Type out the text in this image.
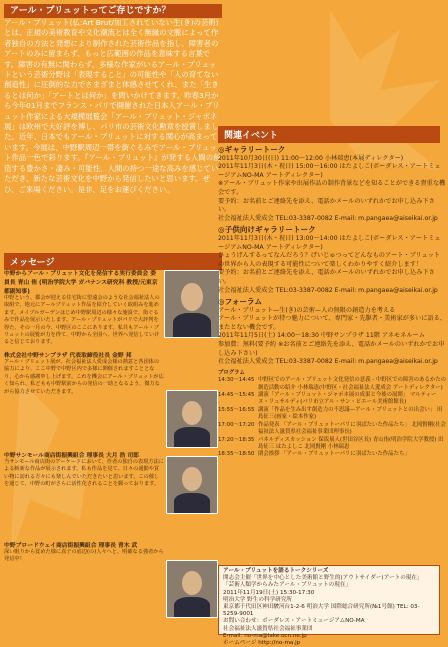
アール・ブリュットってご存じですか？

アール・ブリュット(仏:Art Brut/加工されていない生(き)の芸術)とは、正規の美術教育や文化潮流とは全く無縁の文脈によって作者独自の方法と発想により制作された芸術作品を指し、障害者のアートのみに留まらず、もっと広範囲の作品を意味する言葉です。障害の有無に関わらず、多様な作家がいるアール・ブリュットという芸術分野は「表現すること」の可能性や「人の育てない創造性」に圧倒的な力でさまざまと体感させてくれ、また「生きるとは何か」「アートとは何か」を問いかけてきます。昨春3月から今年01月までフランス・パリで開催された日本人アール・ブリュット作家による大規模展覧会「アール・ブリュット・ジャポネ展」は欧州で大好評を博し、パリ市の芸術文化勲章を授賞しました。近年、日本でもアール・ブリュットに対する関心が高まっています。今展は、中野駅周辺一帯を街ぐるみでアール・ブリュット作品一色で彩ります。『アール・ブリュット』が発する人間の創造する豊かさ・凄み・可能性、人間の持つ一途な高みを感じていただき、新たな芸術文化を中野から発信したいと思います。ぜひ、ご来場ください。是非、足をお運びください。

メッセージ
中野からアール・ブリュット文化を発信する実行委員会 委員長 青山 侑 (明治学院大学 ガバナンス研究科 教授/元東京都副知事)
中野という、都会が迎える住宅街に望遠会のような社会福祉法人の取組で、地元にアールブリュット作品を紹介していく取組みを進めます。メイブルガーデンはじめ中野駅周辺の様々な施設で、街ぐるみで作品を展示いたします。アール・ブリュットがパリで大評判を得た、その一月の今、中野区のここにあります。私共もアール・ブリュットの展覧が力を得て、中野から全国へ、世界へ発信していけると信じております。
株式会社中野サンプラザ 代表取締役社長 金野 邦
アール・ブリュット展が、社会福祉法人愛成会様の熱意と各団体の協力により、ここ中野で中野区内で多様に開催されますこととなり、心から感謝申し上げます。これを機会にアール・ブリュットが広く知られ、私どもも中野駅前からの発信の一助となるよう、微力ながら協力させていただきます。
中野サンモール商店街振興組合 理事長 大月 浩 司郎
当サンモール商店街のアーケードにおいて、作者の独自の表現方法による斬新な作品が展示されます。私も作品を見て、日々の通勤や買い物に訪れる方々にも楽しんでいただきたいと思います。この催しを通じて、中野の町がさらに活性化されることを願っております。
中野ブロードウェイ商店街振興組合 理事長 青木 武
深い眠りから覚めた様に真子の底辺(の)人々へと、明確なる強者から発信中！
関連イベント
◎ギャラリートーク
2011年10月30日(日) 11:00〜12:00 小林瑞恵(本展ディレクター)
2011年11月3日(木・祝日) 15:00〜16:00 はたよしこ(ボーダレス・アートミュージアムNO-MA アートディレクター)
※アール・ブリュット作家や出展作品の制作背景などを知ることができる貴重な機会です。
要予約：お名前とご連絡先を添え、電話かメールのいずれかでお申し込み下さい。
社会福祉法人愛成会 TEL:03-3387-0082 E-mail: m.pangaea@aiseikai.or.jp
◎子供向けギャラリートーク
2011年11月3日(木・祝日) 13:00〜14:00 はたよしこ(ボーダレス・アートミュージアムNO-MA アートディレクター)
ひょうげんするってなんだろう？げいじゅつってどんなものアート・ブリュットの世界から人の表現する可能性について楽しくわかりやすく紹介します！
要予約：お名前とご連絡先を添え、電話かメールのいずれかでお申し込み下さい。
社会福祉法人愛成会 TEL:03-3387-0082 E-mail: m.pangaea@aiseikai.or.jp
◎フォーラム
アール・ブリュット—生(き)の芸術—人の無限の創造力を考える
アール・ブリュットが持つ魅力について、専門家・先駆者・美術家が多いに語る、またとない機会です。
2011年11月5日(土) 14:00〜18:30 中野サンプラザ 11階 アネモネルーム
参加費：無料(要予約 ※お名前とご連絡先を添え、電話かメールのいずれかでお申し込み下さい)
社会福祉法人愛成会 TEL:03-3387-0082 E-mail: m.pangaea@aiseikai.or.jp
プログラム
14:30〜14:45 中野区でのアール・ブリュット文化発信の意義 - 中野区での障害のあるかたの創造活動の紹介 小林瑞恵(中野区・社会福祉法人愛成会 アートディレクター)
14:45〜15:45 講演「アール・ブリュット・ジャポネ展の成果と今後の展開」 マルティーヌ・リュサルディ(パリ市立アル・サン・ピエール美術館館長)
15:55〜16:55 講演「作品を生み出す創造力の不思議—アール・ブリュットとの出会い」 田島征三(画家・絵本作家)
17:00〜17:20 作品発表 「アール・ブリュットーパリに羽ばたいた作品たち」 北岡賢剛(社会福祉法人滋賀県社会福祉事業団理事長)
17:20〜18:35 パネルディスカッション 保坂展人(世田谷区長) 青山侑(明治学院大学教授) 田島征三 はたよしこ 北岡賢剛 小林瑞恵
18:35〜18:50 閉会挨拶 「アール・ブリュットーパリに羽ばたいた作品たち」
アール・ブリュットを語るトークシリーズ
開志会主催「世界を中心とした美術館と野生的(アウトサイダー)アートの現在」
「芸術人類学からみたアール・ブリュットの現在」
2011年11月19日(土) 15:30-17:30
明治大学 野生の科学研究所
東京都千代田区神田駿河台1-2-6 明治大学 国際総合研究所(№1号館) TEL: 03-5259-9001
お問い合わせ：ボーダレス・アートミュージアムNO-MA
社会福祉法人滋賀県社会福祉事業団
E-mail: no-ma@lake.ocn.ne.jp
ホームページ http://no-ma.jp
